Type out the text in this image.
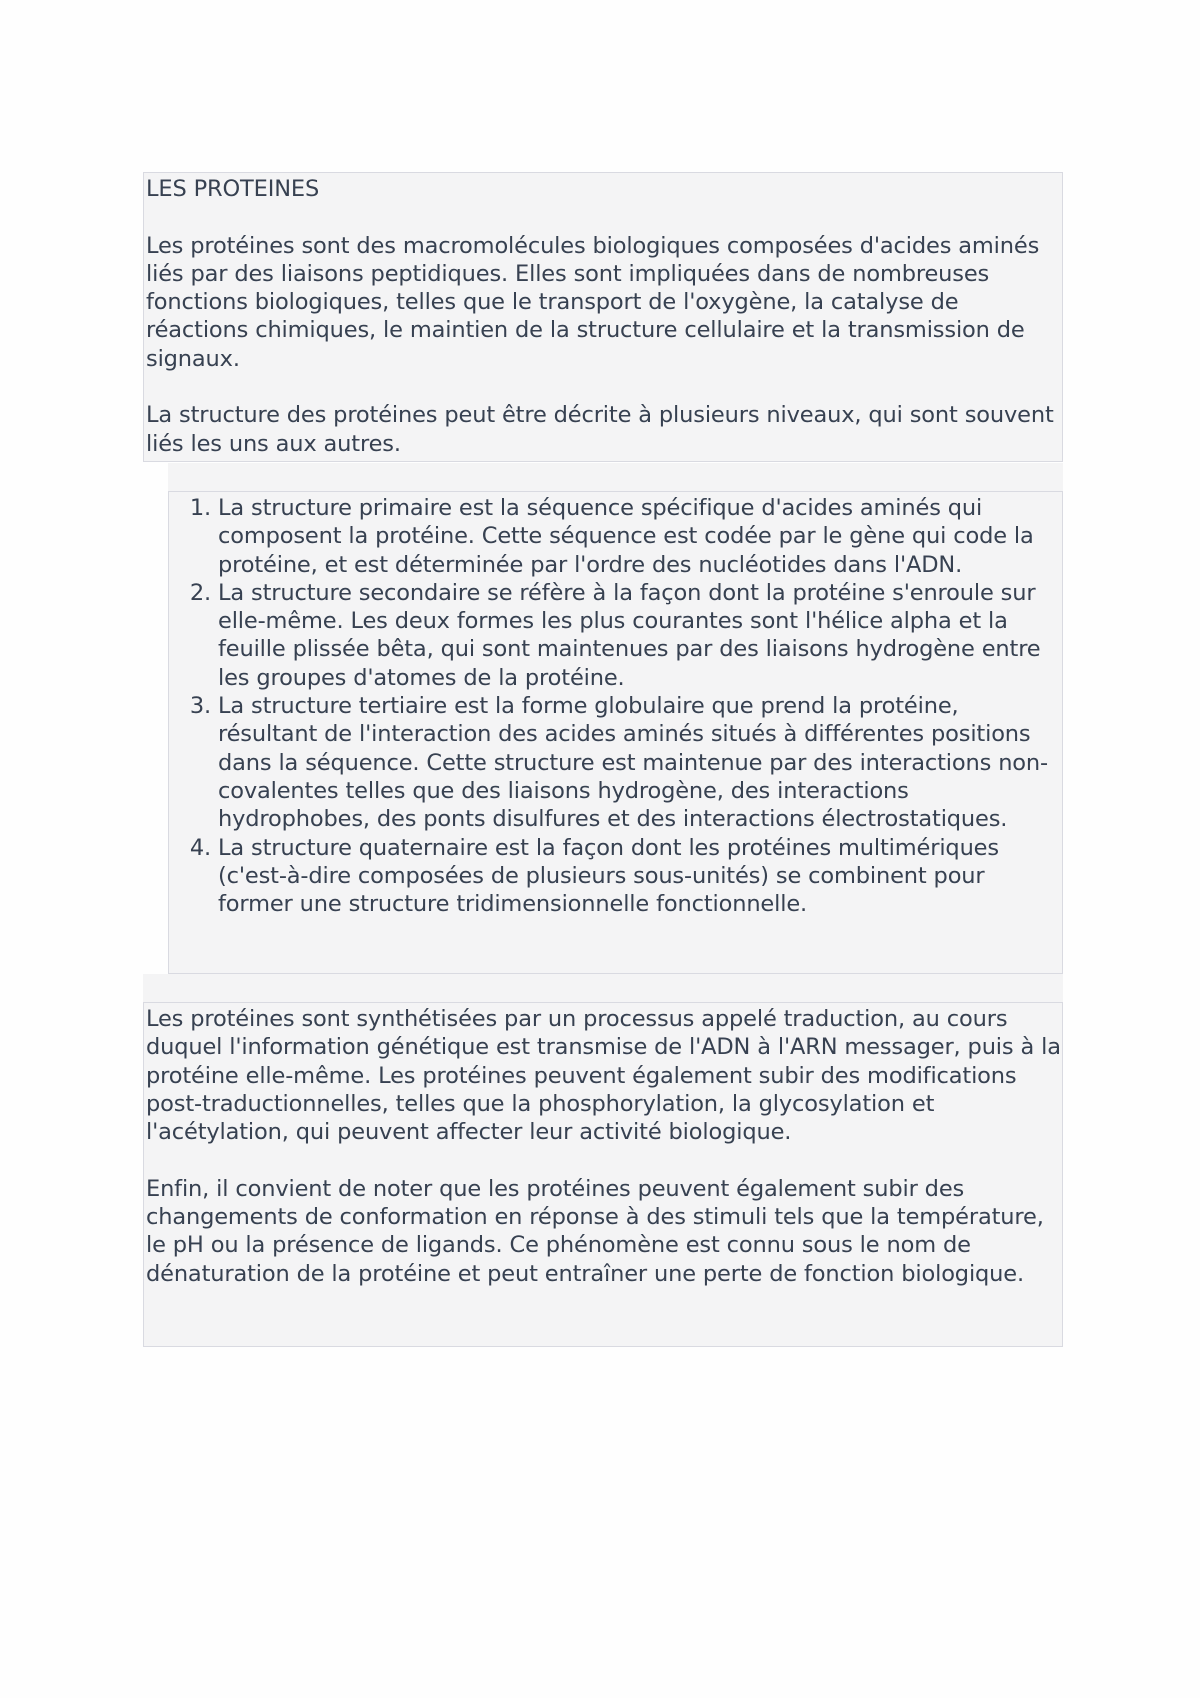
LES PROTEINES

Les protéines sont des macromolécules biologiques composées d'acides aminés liés par des liaisons peptidiques. Elles sont impliquées dans de nombreuses fonctions biologiques, telles que le transport de l'oxygène, la catalyse de réactions chimiques, le maintien de la structure cellulaire et la transmission de signaux.

La structure des protéines peut être décrite à plusieurs niveaux, qui sont souvent liés les uns aux autres.

1. La structure primaire est la séquence spécifique d'acides aminés qui composent la protéine. Cette séquence est codée par le gène qui code la protéine, et est déterminée par l'ordre des nucléotides dans l'ADN.
2. La structure secondaire se réfère à la façon dont la protéine s'enroule sur elle-même. Les deux formes les plus courantes sont l'hélice alpha et la feuille plissée bêta, qui sont maintenues par des liaisons hydrogène entre les groupes d'atomes de la protéine.
3. La structure tertiaire est la forme globulaire que prend la protéine, résultant de l'interaction des acides aminés situés à différentes positions dans la séquence. Cette structure est maintenue par des interactions non-covalentes telles que des liaisons hydrogène, des interactions hydrophobes, des ponts disulfures et des interactions électrostatiques.
4. La structure quaternaire est la façon dont les protéines multimériques (c'est-à-dire composées de plusieurs sous-unités) se combinent pour former une structure tridimensionnelle fonctionnelle.

Les protéines sont synthétisées par un processus appelé traduction, au cours duquel l'information génétique est transmise de l'ADN à l'ARN messager, puis à la protéine elle-même. Les protéines peuvent également subir des modifications post-traductionnelles, telles que la phosphorylation, la glycosylation et l'acétylation, qui peuvent affecter leur activité biologique.

Enfin, il convient de noter que les protéines peuvent également subir des changements de conformation en réponse à des stimuli tels que la température, le pH ou la présence de ligands. Ce phénomène est connu sous le nom de dénaturation de la protéine et peut entraîner une perte de fonction biologique.
